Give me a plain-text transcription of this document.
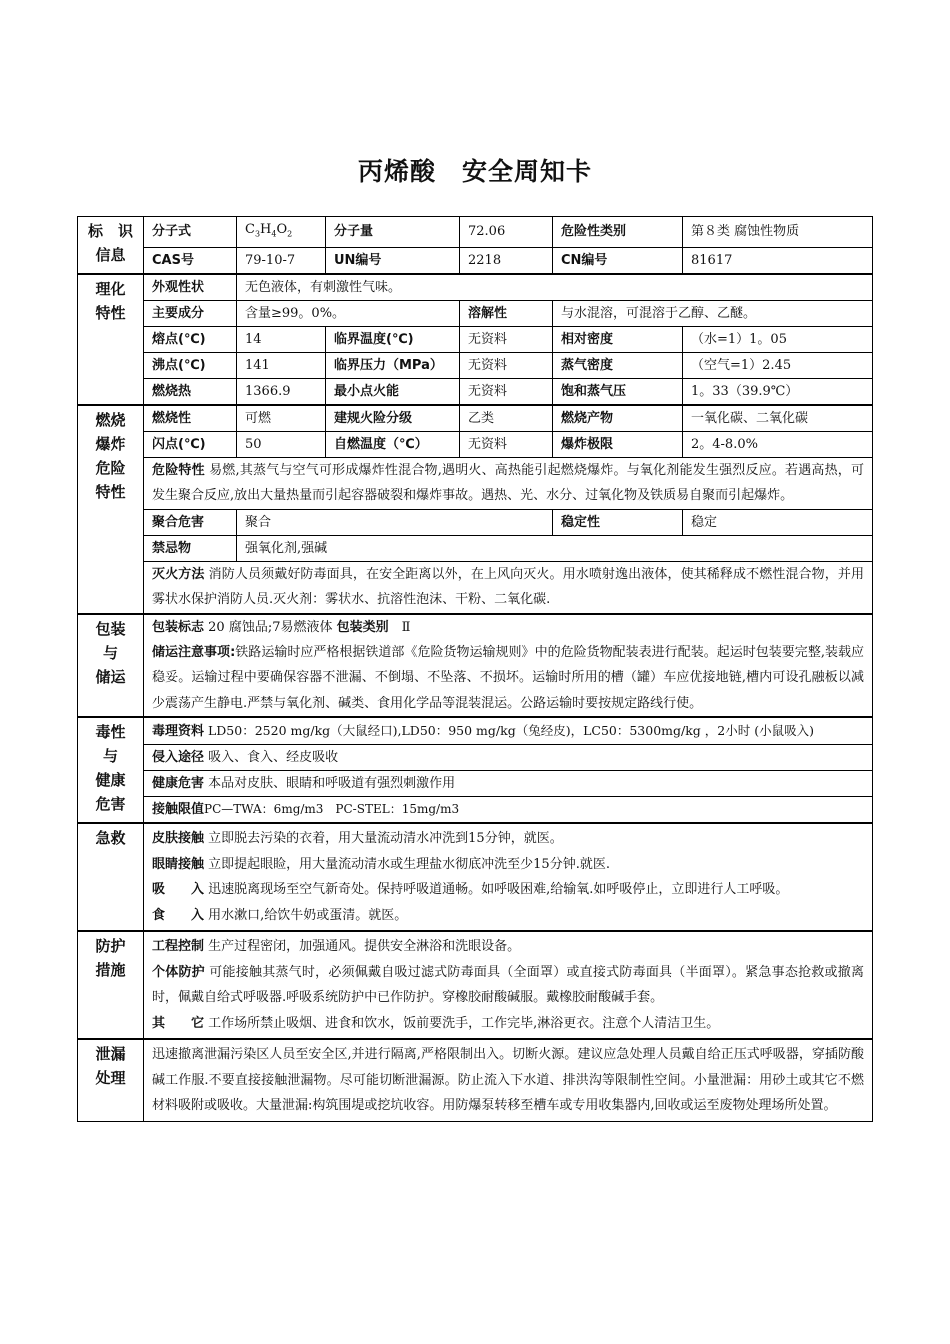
丙烯酸　安全周知卡
标　识
信息	分子式	$C_3H_4O_2$	分子量	72.06	危险性类别	第８类 腐蚀性物质
	CAS号	79-10-7	UN编号	2218	CN编号	81617

理化
特性	外观性状	无色液体，有刺激性气味。				
	主要成分	含量≥99。0%。		溶解性	与水混溶，可混溶于乙醇、乙醚。	
	熔点(℃)	14	临界温度(℃)	无资料	相对密度	（水=1）1。05
	沸点(℃)	141	临界压力（MPa）	无资料	蒸气密度	（空气=1）2.45
	燃烧热	1366.9	最小点火能	无资料	饱和蒸气压	1。33（39.9℃）

燃烧
爆炸
危险
特性	燃烧性	可燃	建规火险分级	乙类	燃烧产物	一氧化碳、二氧化碳
	闪点(℃)	50	自燃温度（℃）	无资料	爆炸极限	2。4-8.0%
	危险特性 易燃,其蒸气与空气可形成爆炸性混合物,遇明火、高热能引起燃烧爆炸。与氧化剂能发生强烈反应。若遇高热，可发生聚合反应,放出大量热量而引起容器破裂和爆炸事故。遇热、光、水分、过氧化物及铁质易自聚而引起爆炸。					
	聚合危害	聚合			稳定性	稳定
	禁忌物	强氧化剂,强碱				
	灭火方法 消防人员须戴好防毒面具，在安全距离以外，在上风向灭火。用水喷射逸出液体，使其稀释成不燃性混合物，并用雾状水保护消防人员.灭火剂：雾状水、抗溶性泡沫、干粉、二氧化碳.					

包装
与
储运	包装标志 20 腐蚀品;7易燃液体 包装类别　Ⅱ					
	储运注意事项:铁路运输时应严格根据铁道部《危险货物运输规则》中的危险货物配装表进行配装。起运时包装要完整,装载应稳妥。运输过程中要确保容器不泄漏、不倒塌、不坠落、不损坏。运输时所用的槽（罐）车应优接地链,槽内可设孔融板以减少震荡产生静电.严禁与氧化剂、碱类、食用化学品等混装混运。公路运输时要按规定路线行使。					

毒性
与
健康
危害	毒理资料 LD50：2520 mg/kg（大鼠经口),LD50：950 mg/kg（兔经皮)，LC50：5300mg/kg ，2小时 (小鼠吸入)					
	侵入途径 吸入、食入、经皮吸收					
	健康危害 本品对皮肤、眼睛和呼吸道有强烈刺激作用					
	接触限值PC—TWA：6mg/m3　PC-STEL：15mg/m3					
急救	皮肤接触 立即脱去污染的衣着，用大量流动清水冲洗到15分钟，就医。
眼睛接触 立即提起眼睑，用大量流动清水或生理盐水彻底冲洗至少15分钟.就医.
吸　　入 迅速脱离现场至空气新奇处。保持呼吸道通畅。如呼吸困难,给输氧.如呼吸停止，立即进行人工呼吸。
食　　入 用水漱口,给饮牛奶或蛋清。就医。					

防护
措施	工程控制 生产过程密闭，加强通风。提供安全淋浴和洗眼设备。
个体防护 可能接触其蒸气时，必须佩戴自吸过滤式防毒面具（全面罩）或直接式防毒面具（半面罩）。紧急事态抢救或撤离时，佩戴自给式呼吸器.呼吸系统防护中已作防护。穿橡胶耐酸碱服。戴橡胶耐酸碱手套。
其　　它 工作场所禁止吸烟、进食和饮水，饭前要洗手，工作完毕,淋浴更衣。注意个人清洁卫生。					

泄漏
处理	迅速撤离泄漏污染区人员至安全区,并进行隔离,严格限制出入。切断火源。建议应急处理人员戴自给正压式呼吸器，穿插防酸碱工作服.不要直接接触泄漏物。尽可能切断泄漏源。防止流入下水道、排洪沟等限制性空间。小量泄漏：用砂土或其它不燃材料吸附或吸收。大量泄漏:构筑围堤或挖坑收容。用防爆泵转移至槽车或专用收集器内,回收或运至废物处理场所处置。					
